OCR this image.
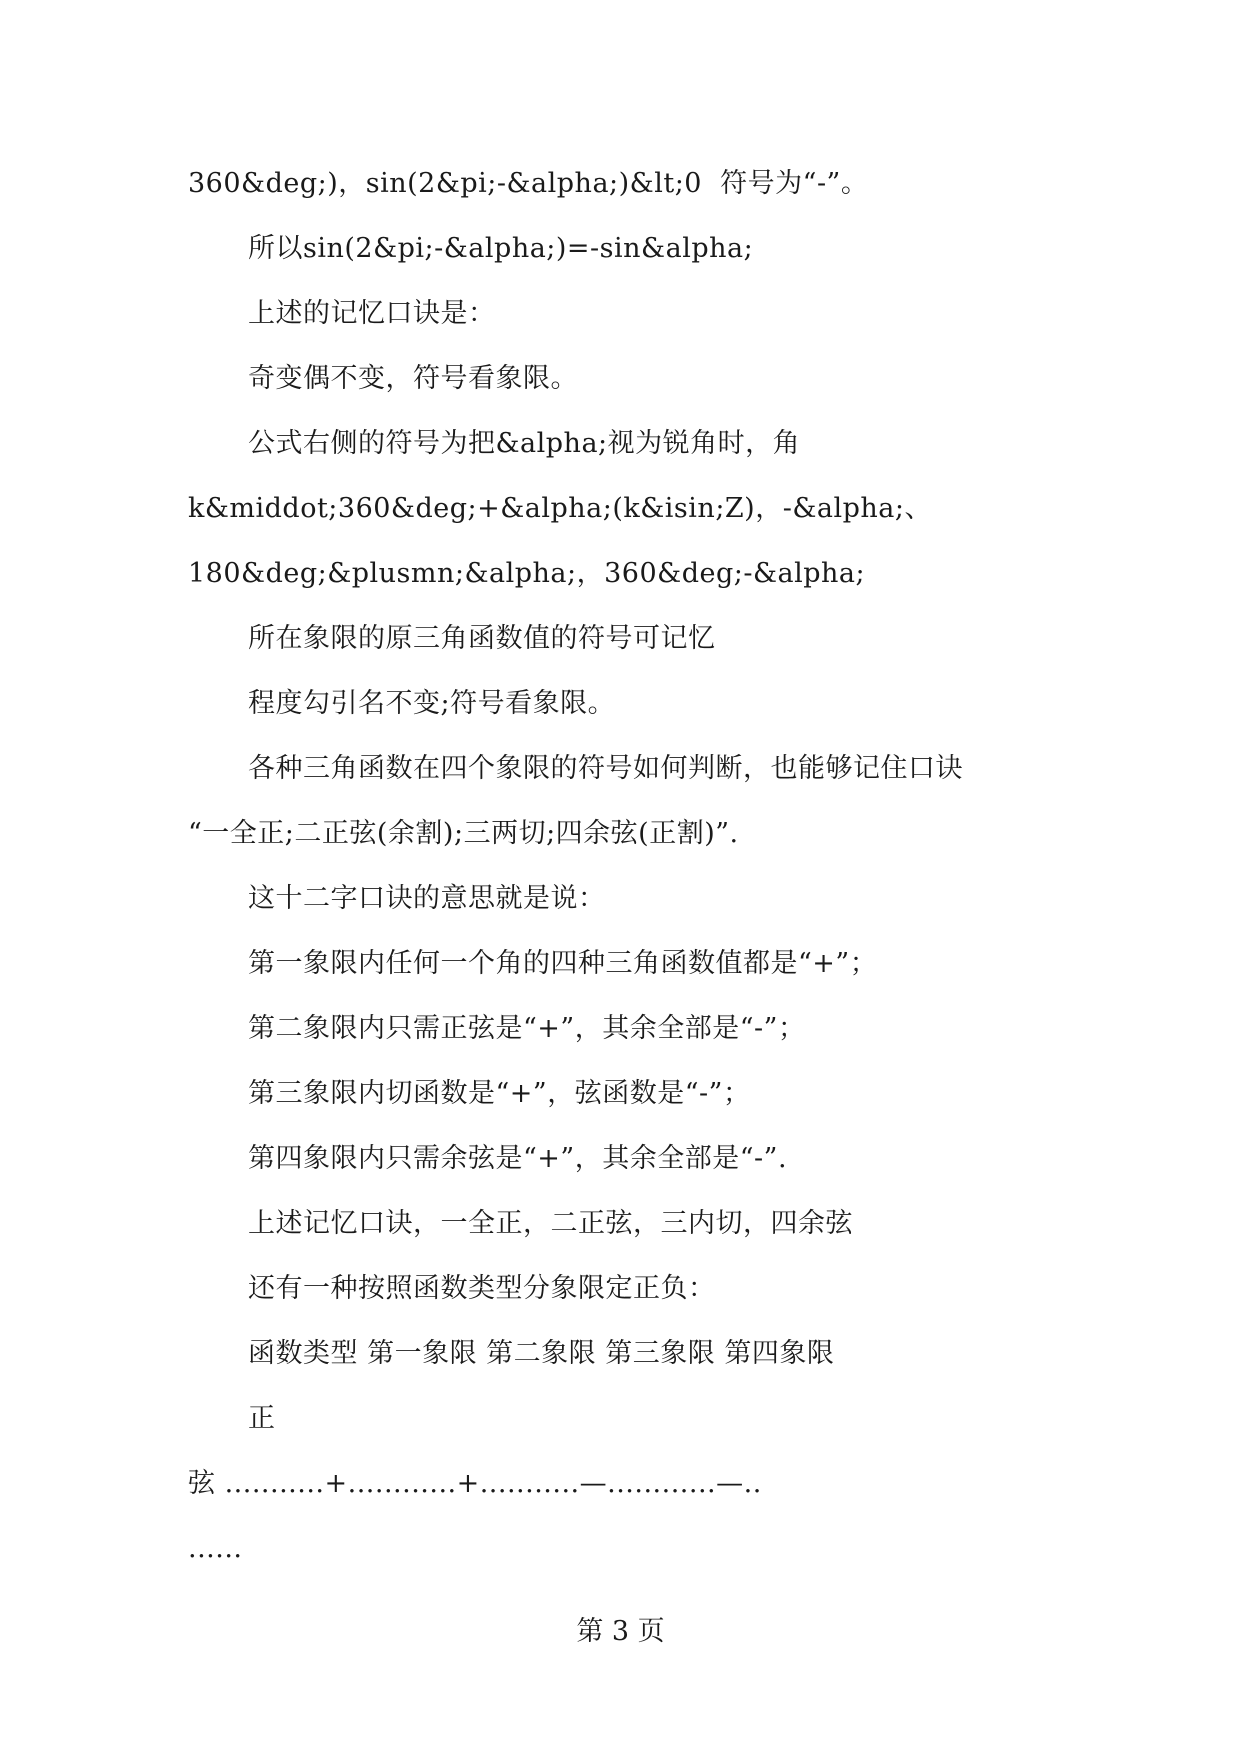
360&deg;)，sin(2&pi;-&alpha;)&lt;0  符号为“-”。
所以sin(2&pi;-&alpha;)=-sin&alpha;
上述的记忆口诀是：
奇变偶不变，符号看象限。
公式右侧的符号为把&alpha;视为锐角时，角
k&middot;360&deg;+&alpha;(k&isin;Z)，-&alpha;、
180&deg;&plusmn;&alpha;，360&deg;-&alpha;
所在象限的原三角函数值的符号可记忆
程度勾引名不变;符号看象限。
各种三角函数在四个象限的符号如何判断，也能够记住口诀
“一全正;二正弦(余割);三两切;四余弦(正割)”.
这十二字口诀的意思就是说：
第一象限内任何一个角的四种三角函数值都是“+”；
第二象限内只需正弦是“+”，其余全部是“-”；
第三象限内切函数是“+”，弦函数是“-”；
第四象限内只需余弦是“+”，其余全部是“-”.
上述记忆口诀，一全正，二正弦，三内切，四余弦
还有一种按照函数类型分象限定正负：
函数类型 第一象限 第二象限 第三象限 第四象限
正
弦 ...........+............+...........—............—..
......
第 3 页
